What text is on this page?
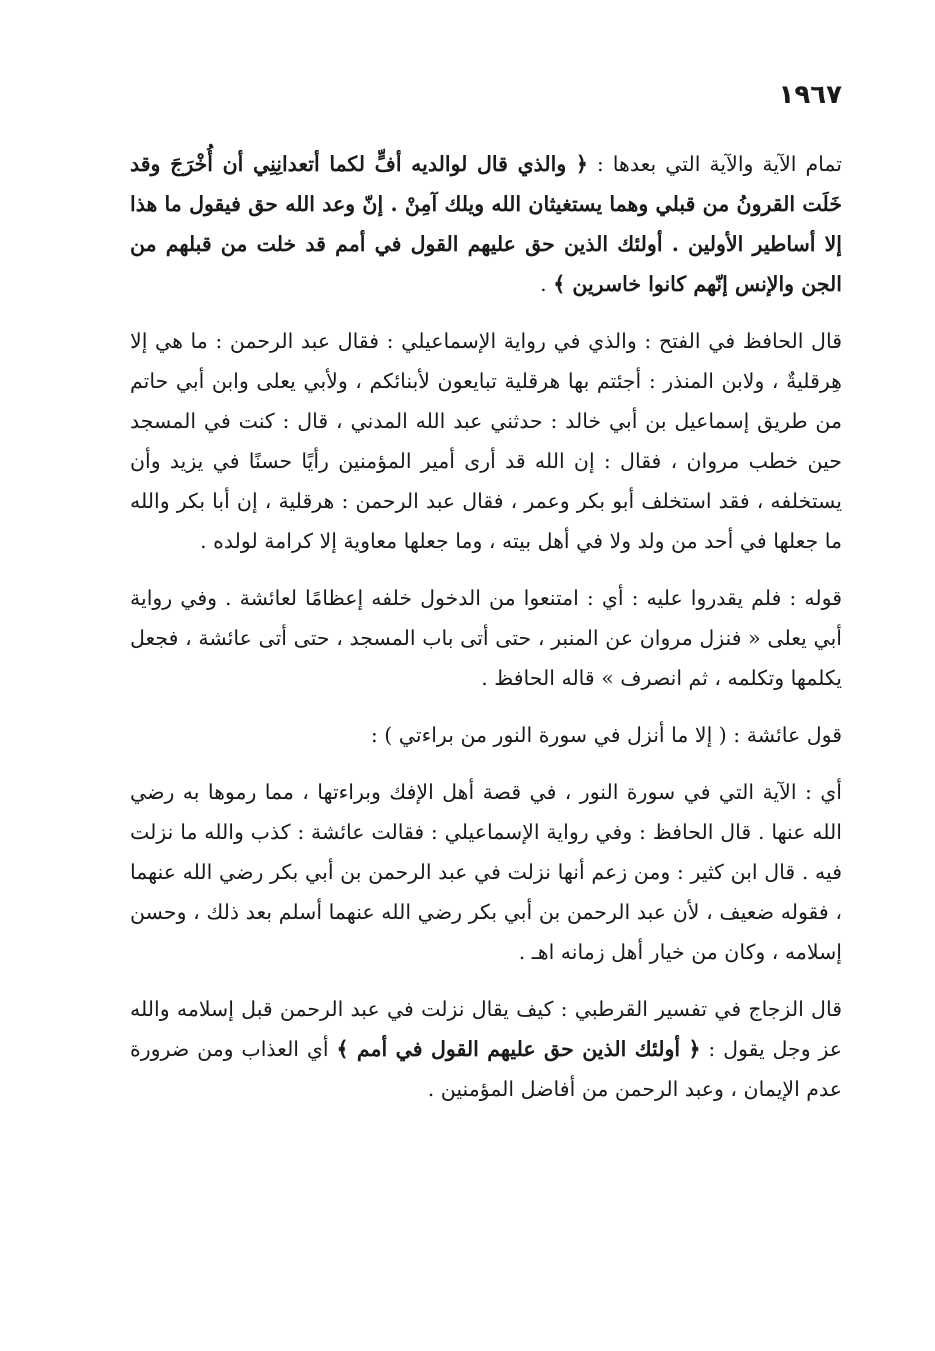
١٩٦٧

تمام الآية والآية التي بعدها : ﴿ والذي قال لوالديه أفٍّ لكما أتعدانِنِي أن أُخْرَجَ وقد خَلَت القرونُ من قبلي وهما يستغيثان الله ويلك آمِنْ . إنّ وعد الله حق فيقول ما هذا إلا أساطير الأولين . أولئك الذين حق عليهم القول في أمم قد خلت من قبلهم من الجن والإنس إنّهم كانوا خاسرين ﴾ .

قال الحافظ في الفتح : والذي في رواية الإسماعيلي : فقال عبد الرحمن : ما هي إلا هِرقليةٌ ، ولابن المنذر : أجئتم بها هرقلية تبايعون لأبنائكم ، ولأبي يعلى وابن أبي حاتم من طريق إسماعيل بن أبي خالد : حدثني عبد الله المدني ، قال : كنت في المسجد حين خطب مروان ، فقال : إن الله قد أرى أمير المؤمنين رأيًا حسنًا في يزيد وأن يستخلفه ، فقد استخلف أبو بكر وعمر ، فقال عبد الرحمن : هرقلية ، إن أبا بكر والله ما جعلها في أحد من ولد ولا في أهل بيته ، وما جعلها معاوية إلا كرامة لولده .

قوله : فلم يقدروا عليه : أي : امتنعوا من الدخول خلفه إعظامًا لعائشة . وفي رواية أبي يعلى « فنزل مروان عن المنبر ، حتى أتى باب المسجد ، حتى أتى عائشة ، فجعل يكلمها وتكلمه ، ثم انصرف » قاله الحافظ .

قول عائشة : ( إلا ما أنزل في سورة النور من براءتي ) :

أي : الآية التي في سورة النور ، في قصة أهل الإفك وبراءتها ، مما رموها به رضي الله عنها . قال الحافظ : وفي رواية الإسماعيلي : فقالت عائشة : كذب والله ما نزلت فيه . قال ابن كثير : ومن زعم أنها نزلت في عبد الرحمن بن أبي بكر رضي الله عنهما ، فقوله ضعيف ، لأن عبد الرحمن بن أبي بكر رضي الله عنهما أسلم بعد ذلك ، وحسن إسلامه ، وكان من خيار أهل زمانه اهـ .

قال الزجاج في تفسير القرطبي : كيف يقال نزلت في عبد الرحمن قبل إسلامه والله عز وجل يقول : ﴿ أولئك الذين حق عليهم القول في أمم ﴾ أي العذاب ومن ضرورة عدم الإيمان ، وعبد الرحمن من أفاضل المؤمنين .
